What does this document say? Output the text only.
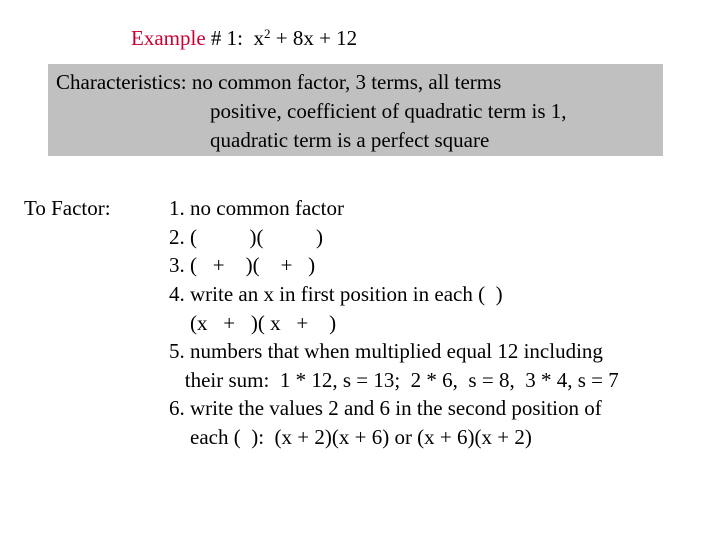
Example # 1:  $x^2 + 8x + 12$
Characteristics: no common factor, 3 terms, all terms
positive, coefficient of quadratic term is 1,
quadratic term is a perfect square
To Factor:	1. no common factor
2. (          )(          )
3. (   +    )(    +   )
4. write an x in first position in each (  )
(x   +   )( x   +    )
5. numbers that when multiplied equal 12 including
their sum:  1 * 12, s = 13;  2 * 6,  s = 8,  3 * 4, s = 7
6. write the values 2 and 6 in the second position of
each (  ):  (x + 2)(x + 6) or (x + 6)(x + 2)
